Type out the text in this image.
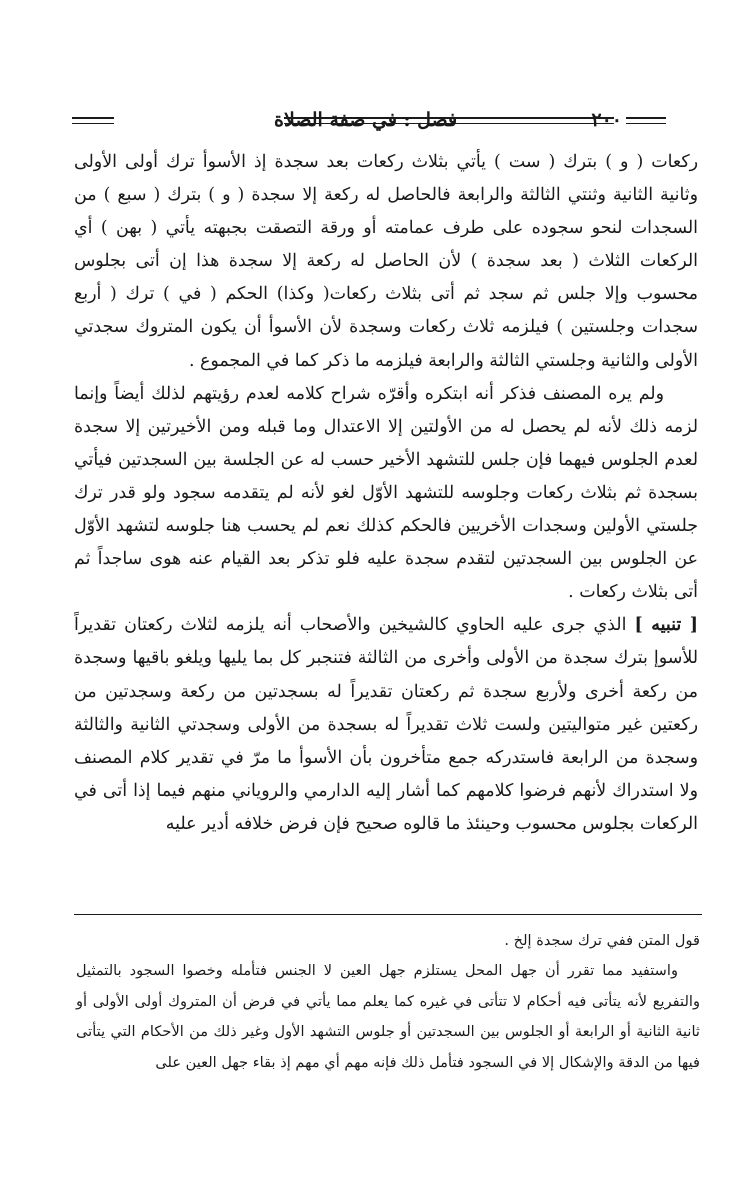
٢٠٠
فصل : في صفة الصلاة

ركعات ( و ) بترك ( ست ) يأتي بثلاث ركعات بعد سجدة إذ الأسوأ ترك أولى الأولى وثانية الثانية وثنتي الثالثة والرابعة فالحاصل له ركعة إلا سجدة ( و ) بترك ( سبع ) من السجدات لنحو سجوده على طرف عمامته أو ورقة التصقت بجبهته يأتي ( بهن ) أي الركعات الثلاث ( بعد سجدة ) لأن الحاصل له ركعة إلا سجدة هذا إن أتى بجلوس محسوب وإلا جلس ثم سجد ثم أتى بثلاث ركعات( وكذا) الحكم ( في ) ترك ( أربع سجدات وجلستين ) فيلزمه ثلاث ركعات وسجدة لأن الأسوأ أن يكون المتروك سجدتي الأولى والثانية وجلستي الثالثة والرابعة فيلزمه ما ذكر كما في المجموع .

ولم يره المصنف فذكر أنه ابتكره وأقرّه شراح كلامه لعدم رؤيتهم لذلك أيضاً وإنما لزمه ذلك لأنه لم يحصل له من الأولتين إلا الاعتدال وما قبله ومن الأخيرتين إلا سجدة لعدم الجلوس فيهما فإن جلس للتشهد الأخير حسب له عن الجلسة بين السجدتين فيأتي بسجدة ثم بثلاث ركعات وجلوسه للتشهد الأوّل لغو لأنه لم يتقدمه سجود ولو قدر ترك جلستي الأولين وسجدات الأخريين فالحكم كذلك نعم لم يحسب هنا جلوسه لتشهد الأوّل عن الجلوس بين السجدتين لتقدم سجدة عليه فلو تذكر بعد القيام عنه هوى ساجداً ثم أتى بثلاث ركعات .

[ تنبيه ] الذي جرى عليه الحاوي كالشيخين والأصحاب أنه يلزمه لثلاث ركعتان تقديراً للأسوإ بترك سجدة من الأولى وأخرى من الثالثة فتنجبر كل بما يليها ويلغو باقيها وسجدة من ركعة أخرى ولأربع سجدة ثم ركعتان تقديراً له بسجدتين من ركعة وسجدتين من ركعتين غير متواليتين ولست ثلاث تقديراً له بسجدة من الأولى وسجدتي الثانية والثالثة وسجدة من الرابعة فاستدركه جمع متأخرون بأن الأسوأ ما مرّ في تقدير كلام المصنف ولا استدراك لأنهم فرضوا كلامهم كما أشار إليه الدارمي والروياني منهم فيما إذا أتى في الركعات بجلوس محسوب وحينئذ ما قالوه صحيح فإن فرض خلافه أدير عليه

قول المتن ففي ترك سجدة إلخ .

واستفيد مما تقرر أن جهل المحل يستلزم جهل العين لا الجنس فتأمله وخصوا السجود بالتمثيل والتفريع لأنه يتأتى فيه أحكام لا تتأتى في غيره كما يعلم مما يأتي في فرض أن المتروك أولى الأولى أو ثانية الثانية أو الرابعة أو الجلوس بين السجدتين أو جلوس التشهد الأول وغير ذلك من الأحكام التي يتأتى فيها من الدقة والإشكال إلا في السجود فتأمل ذلك فإنه مهم أي مهم إذ بقاء جهل العين على
